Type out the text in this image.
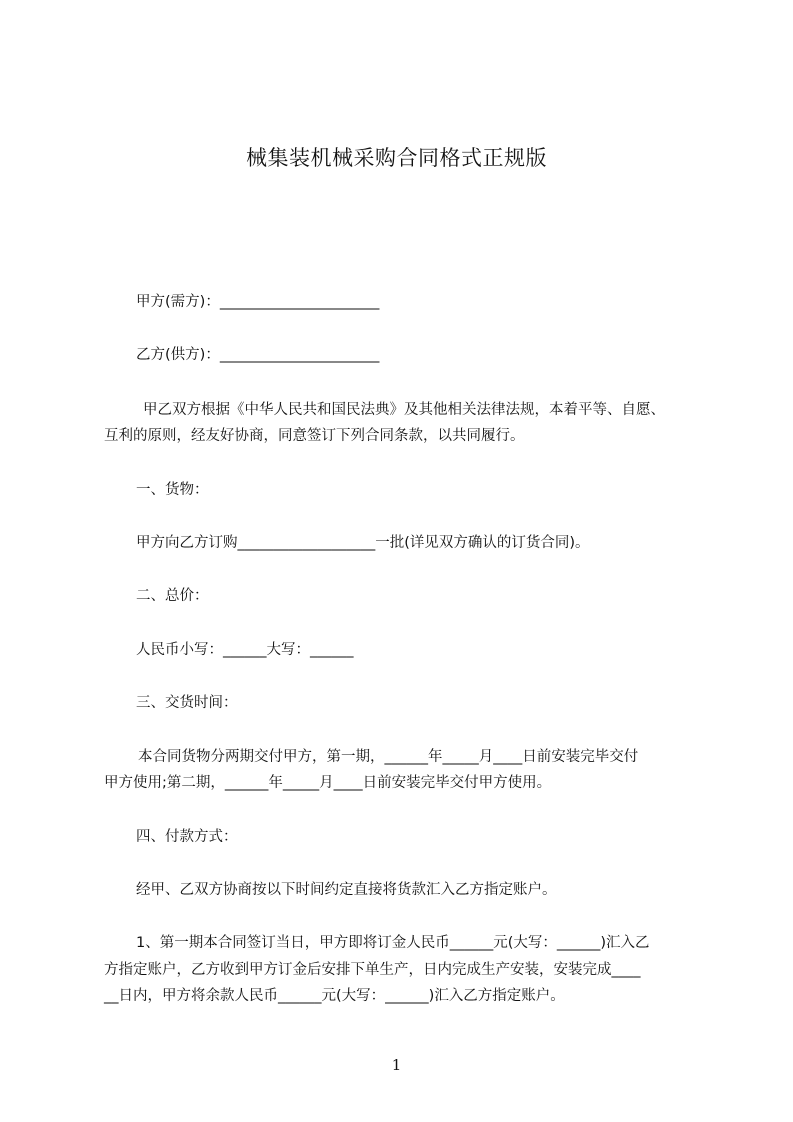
械集装机械采购合同格式正规版
甲方(需方)：______________________
乙方(供方)：______________________
甲乙双方根据《中华人民共和国民法典》及其他相关法律法规，本着平等、自愿、
互利的原则，经友好协商，同意签订下列合同条款，以共同履行。
一、货物：
甲方向乙方订购___________________一批(详见双方确认的订货合同)。
二、总价：
人民币小写：______大写：______
三、交货时间：
本合同货物分两期交付甲方，第一期，______年_____月____日前安装完毕交付
甲方使用;第二期，______年_____月____日前安装完毕交付甲方使用。
四、付款方式：
经甲、乙双方协商按以下时间约定直接将货款汇入乙方指定账户。
1、第一期本合同签订当日，甲方即将订金人民币______元(大写：______)汇入乙
方指定账户，乙方收到甲方订金后安排下单生产，日内完成生产安装，安装完成____
__日内，甲方将余款人民币______元(大写：______)汇入乙方指定账户。
1
